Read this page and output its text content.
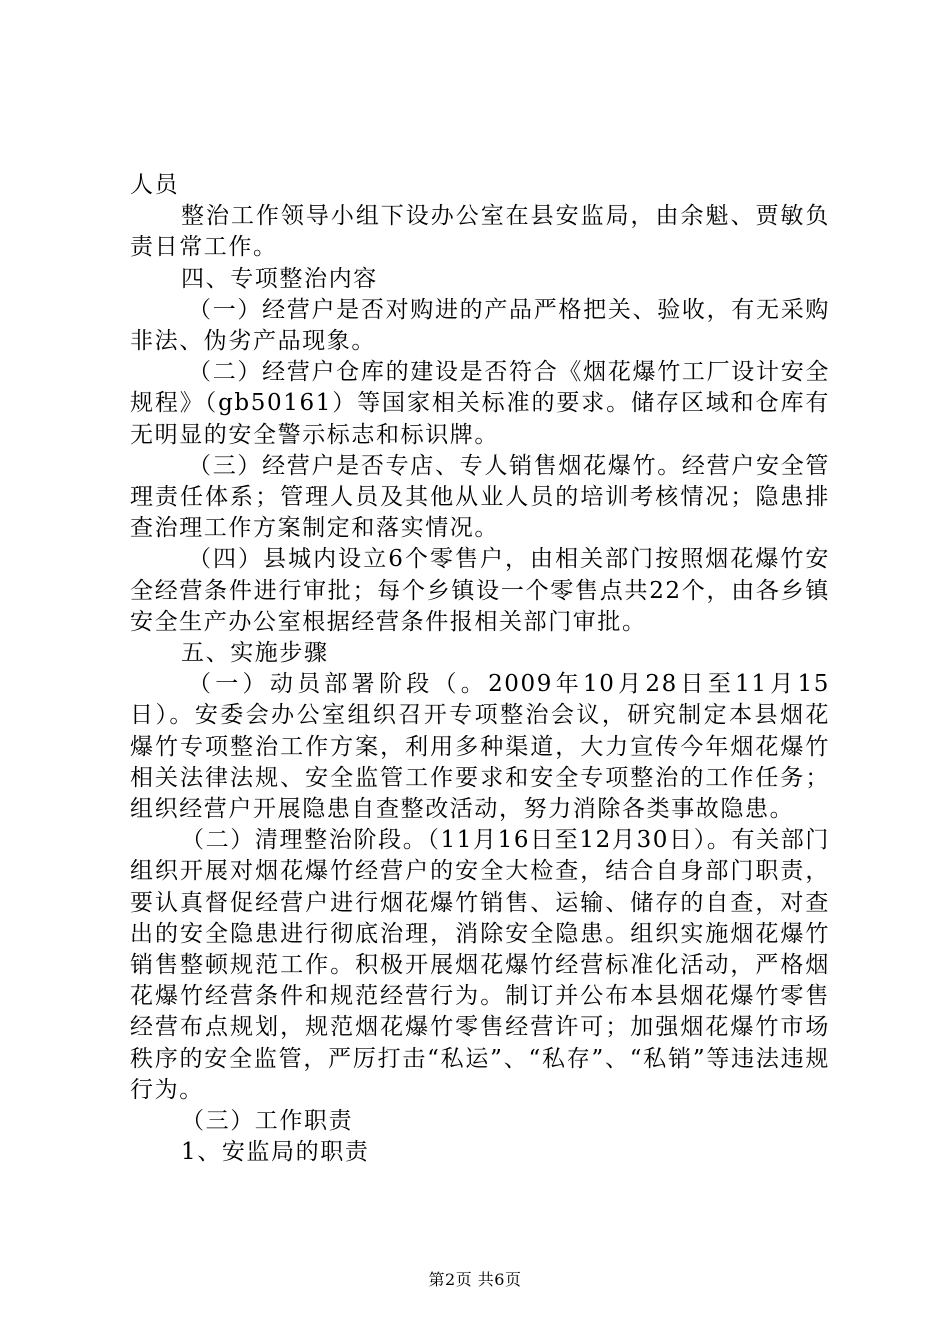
人员

整治工作领导小组下设办公室在县安监局，由余魁、贾敏负责日常工作。

四、专项整治内容

（一）经营户是否对购进的产品严格把关、验收，有无采购非法、伪劣产品现象。

（二）经营户仓库的建设是否符合《烟花爆竹工厂设计安全规程》（gb50161）等国家相关标准的要求。储存区域和仓库有无明显的安全警示标志和标识牌。

（三）经营户是否专店、专人销售烟花爆竹。经营户安全管理责任体系；管理人员及其他从业人员的培训考核情况；隐患排查治理工作方案制定和落实情况。

（四）县城内设立6个零售户，由相关部门按照烟花爆竹安全经营条件进行审批；每个乡镇设一个零售点共22个，由各乡镇安全生产办公室根据经营条件报相关部门审批。

五、实施步骤

（一）动员部署阶段（。2009年10月28日至11月15日）。安委会办公室组织召开专项整治会议，研究制定本县烟花爆竹专项整治工作方案，利用多种渠道，大力宣传今年烟花爆竹相关法律法规、安全监管工作要求和安全专项整治的工作任务；组织经营户开展隐患自查整改活动，努力消除各类事故隐患。

（二）清理整治阶段。（11月16日至12月30日）。有关部门组织开展对烟花爆竹经营户的安全大检查，结合自身部门职责，要认真督促经营户进行烟花爆竹销售、运输、储存的自查，对查出的安全隐患进行彻底治理，消除安全隐患。组织实施烟花爆竹销售整顿规范工作。积极开展烟花爆竹经营标准化活动，严格烟花爆竹经营条件和规范经营行为。制订并公布本县烟花爆竹零售经营布点规划，规范烟花爆竹零售经营许可；加强烟花爆竹市场秩序的安全监管，严厉打击“私运”、“私存”、“私销”等违法违规行为。

（三）工作职责

1、安监局的职责

第2页 共6页
